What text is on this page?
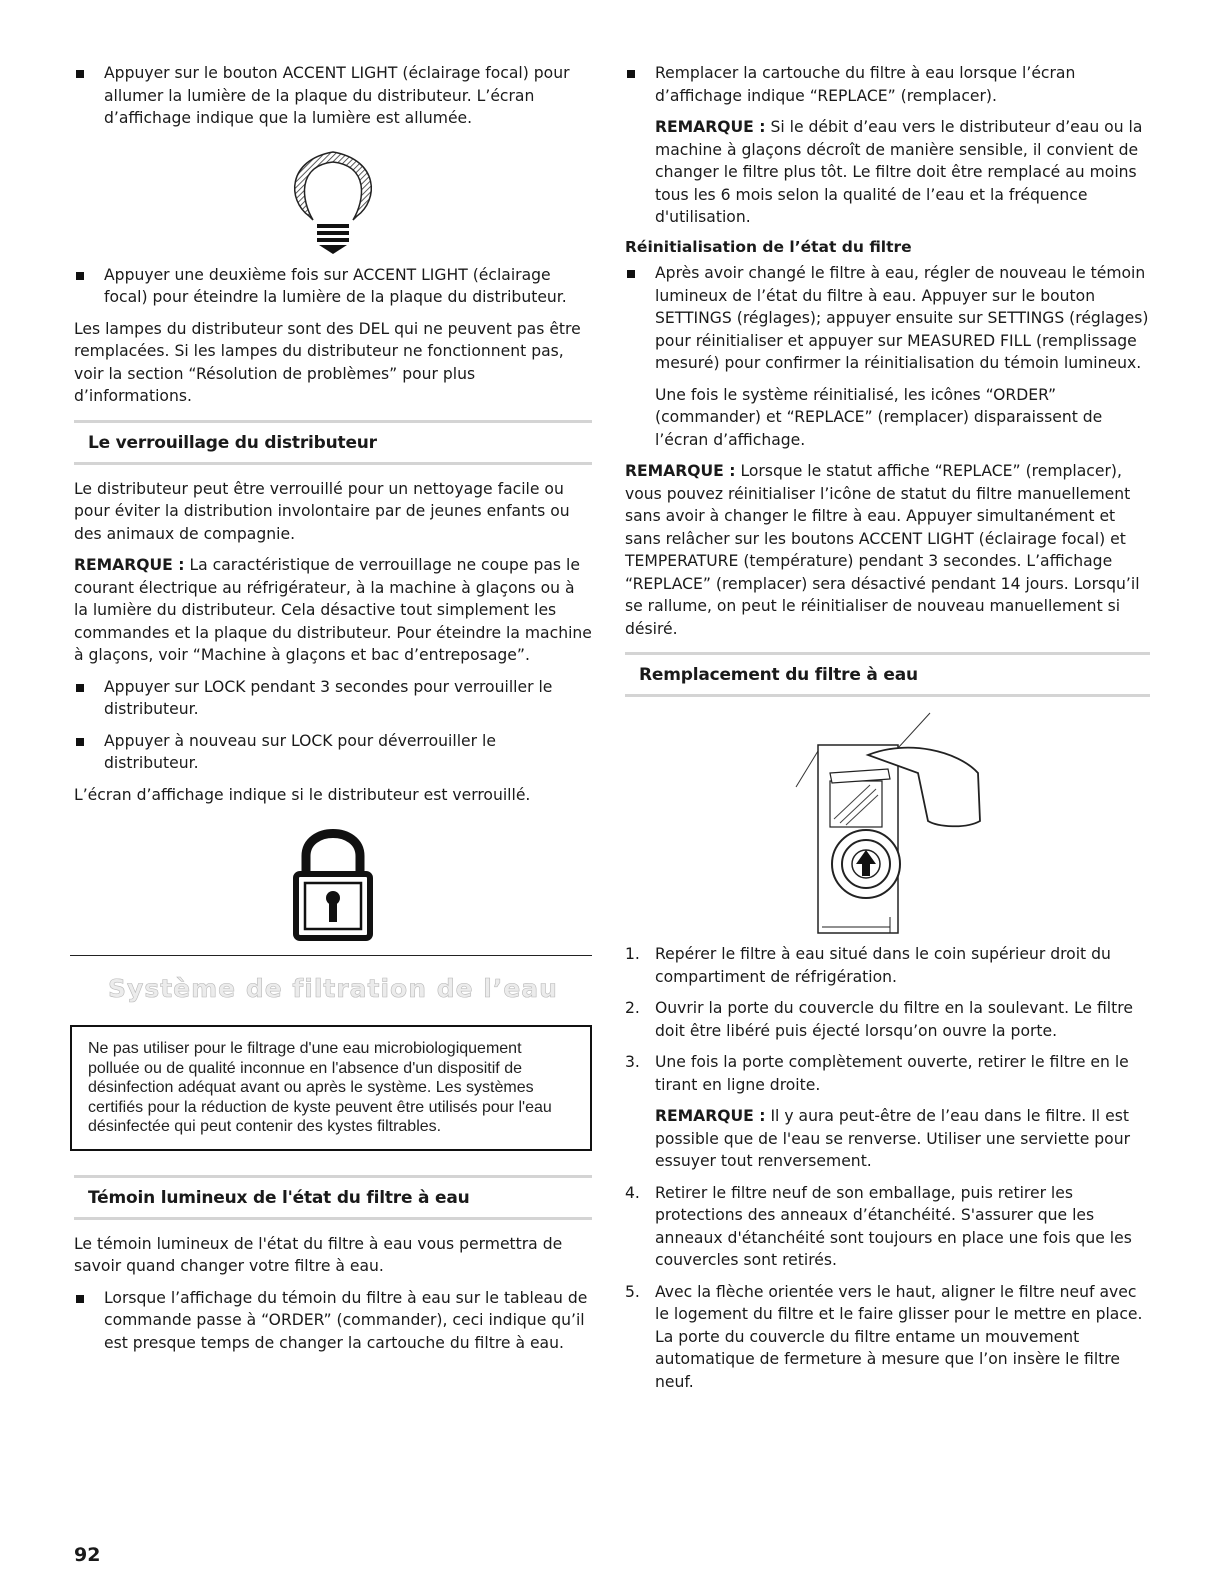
Appuyer sur le bouton ACCENT LIGHT (éclairage focal) pour allumer la lumière de la plaque du distributeur. L’écran d’affichage indique que la lumière est allumée.

Appuyer une deuxième fois sur ACCENT LIGHT (éclairage focal) pour éteindre la lumière de la plaque du distributeur.

Les lampes du distributeur sont des DEL qui ne peuvent pas être remplacées. Si les lampes du distributeur ne fonctionnent pas, voir la section “Résolution de problèmes” pour plus d’informations.

Le verrouillage du distributeur

Le distributeur peut être verrouillé pour un nettoyage facile ou pour éviter la distribution involontaire par de jeunes enfants ou des animaux de compagnie.

REMARQUE : La caractéristique de verrouillage ne coupe pas le courant électrique au réfrigérateur, à la machine à glaçons ou à la lumière du distributeur. Cela désactive tout simplement les commandes et la plaque du distributeur. Pour éteindre la machine à glaçons, voir “Machine à glaçons et bac d’entreposage”.

Appuyer sur LOCK pendant 3 secondes pour verrouiller le distributeur.

Appuyer à nouveau sur LOCK pour déverrouiller le distributeur.

L’écran d’affichage indique si le distributeur est verrouillé.

Système de filtration de l’eau
Ne pas utiliser pour le filtrage d'une eau microbiologiquement polluée ou de qualité inconnue en l'absence d'un dispositif de désinfection adéquat avant ou après le système. Les systèmes certifiés pour la réduction de kyste peuvent être utilisés pour l'eau désinfectée qui peut contenir des kystes filtrables.
Témoin lumineux de l'état du filtre à eau

Le témoin lumineux de l'état du filtre à eau vous permettra de savoir quand changer votre filtre à eau.

Lorsque l’affichage du témoin du filtre à eau sur le tableau de commande passe à “ORDER” (commander), ceci indique qu’il est presque temps de changer la cartouche du filtre à eau.

Remplacer la cartouche du filtre à eau lorsque l’écran d’affichage indique “REPLACE” (remplacer).

REMARQUE : Si le débit d’eau vers le distributeur d’eau ou la machine à glaçons décroît de manière sensible, il convient de changer le filtre plus tôt. Le filtre doit être remplacé au moins tous les 6 mois selon la qualité de l’eau et la fréquence d'utilisation.

Réinitialisation de l’état du filtre

Après avoir changé le filtre à eau, régler de nouveau le témoin lumineux de l’état du filtre à eau. Appuyer sur le bouton SETTINGS (réglages); appuyer ensuite sur SETTINGS (réglages) pour réinitialiser et appuyer sur MEASURED FILL (remplissage mesuré) pour confirmer la réinitialisation du témoin lumineux.

Une fois le système réinitialisé, les icônes “ORDER” (commander) et “REPLACE” (remplacer) disparaissent de l’écran d’affichage.

REMARQUE : Lorsque le statut affiche “REPLACE” (remplacer), vous pouvez réinitialiser l’icône de statut du filtre manuellement sans avoir à changer le filtre à eau. Appuyer simultanément et sans relâcher sur les boutons ACCENT LIGHT (éclairage focal) et TEMPERATURE (température) pendant 3 secondes. L’affichage “REPLACE” (remplacer) sera désactivé pendant 14 jours. Lorsqu’il se rallume, on peut le réinitialiser de nouveau manuellement si désiré.

Remplacement du filtre à eau

1. Repérer le filtre à eau situé dans le coin supérieur droit du compartiment de réfrigération.

2. Ouvrir la porte du couvercle du filtre en la soulevant. Le filtre doit être libéré puis éjecté lorsqu’on ouvre la porte.

3. Une fois la porte complètement ouverte, retirer le filtre en le tirant en ligne droite.

REMARQUE : Il y aura peut-être de l’eau dans le filtre. Il est possible que de l'eau se renverse. Utiliser une serviette pour essuyer tout renversement.

4. Retirer le filtre neuf de son emballage, puis retirer les protections des anneaux d’étanchéité. S'assurer que les anneaux d'étanchéité sont toujours en place une fois que les couvercles sont retirés.

5. Avec la flèche orientée vers le haut, aligner le filtre neuf avec le logement du filtre et le faire glisser pour le mettre en place. La porte du couvercle du filtre entame un mouvement automatique de fermeture à mesure que l’on insère le filtre neuf.

92
